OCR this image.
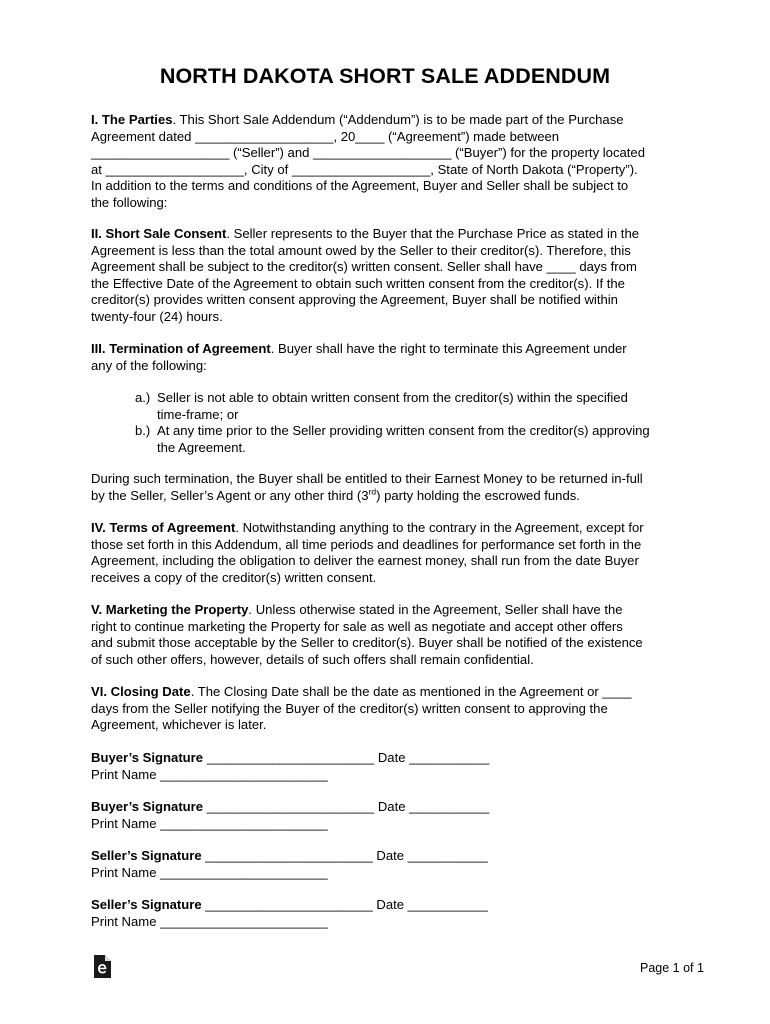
NORTH DAKOTA SHORT SALE ADDENDUM

I. The Parties. This Short Sale Addendum (“Addendum”) is to be made part of the Purchase

Agreement dated ___________________, 20____ (“Agreement”) made between

___________________ (“Seller”) and ___________________ (“Buyer”) for the property located

at ___________________, City of ___________________, State of North Dakota (“Property”).

In addition to the terms and conditions of the Agreement, Buyer and Seller shall be subject to

the following:

II. Short Sale Consent. Seller represents to the Buyer that the Purchase Price as stated in the

Agreement is less than the total amount owed by the Seller to their creditor(s). Therefore, this

Agreement shall be subject to the creditor(s) written consent. Seller shall have ____ days from

the Effective Date of the Agreement to obtain such written consent from the creditor(s). If the

creditor(s) provides written consent approving the Agreement, Buyer shall be notified within

twenty-four (24) hours.

III. Termination of Agreement. Buyer shall have the right to terminate this Agreement under

any of the following:

a.) Seller is not able to obtain written consent from the creditor(s) within the specified
time-frame; or
b.) At any time prior to the Seller providing written consent from the creditor(s) approving
the Agreement.

During such termination, the Buyer shall be entitled to their Earnest Money to be returned in-full

by the Seller, Seller’s Agent or any other third (3rd) party holding the escrowed funds.

IV. Terms of Agreement. Notwithstanding anything to the contrary in the Agreement, except for

those set forth in this Addendum, all time periods and deadlines for performance set forth in the

Agreement, including the obligation to deliver the earnest money, shall run from the date Buyer

receives a copy of the creditor(s) written consent.

V. Marketing the Property. Unless otherwise stated in the Agreement, Seller shall have the

right to continue marketing the Property for sale as well as negotiate and accept other offers

and submit those acceptable by the Seller to creditor(s). Buyer shall be notified of the existence

of such other offers, however, details of such offers shall remain confidential.

VI. Closing Date. The Closing Date shall be the date as mentioned in the Agreement or ____

days from the Seller notifying the Buyer of the creditor(s) written consent to approving the

Agreement, whichever is later.

Buyer’s Signature _______________________ Date ___________
Print Name _______________________
Buyer’s Signature _______________________ Date ___________
Print Name _______________________
Seller’s Signature _______________________ Date ___________
Print Name _______________________
Seller’s Signature _______________________ Date ___________
Print Name _______________________
Page 1 of 1
